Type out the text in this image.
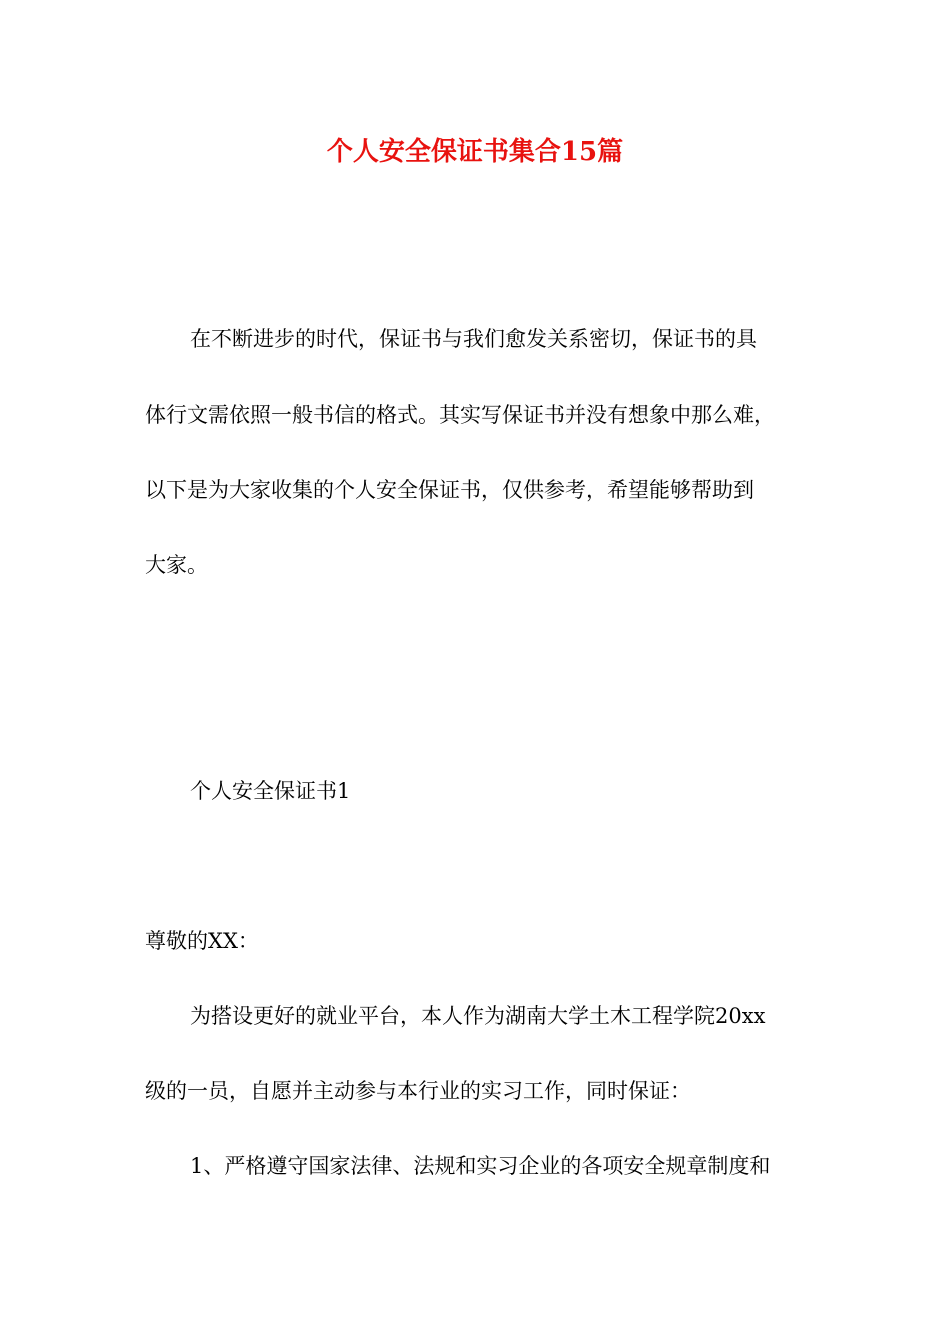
个人安全保证书集合15篇

在不断进步的时代，保证书与我们愈发关系密切，保证书的具

体行文需依照一般书信的格式。其实写保证书并没有想象中那么难，

以下是为大家收集的个人安全保证书，仅供参考，希望能够帮助到

大家。

个人安全保证书1

尊敬的XX：

为搭设更好的就业平台，本人作为湖南大学土木工程学院20xx

级的一员，自愿并主动参与本行业的实习工作，同时保证：

1、严格遵守国家法律、法规和实习企业的各项安全规章制度和
